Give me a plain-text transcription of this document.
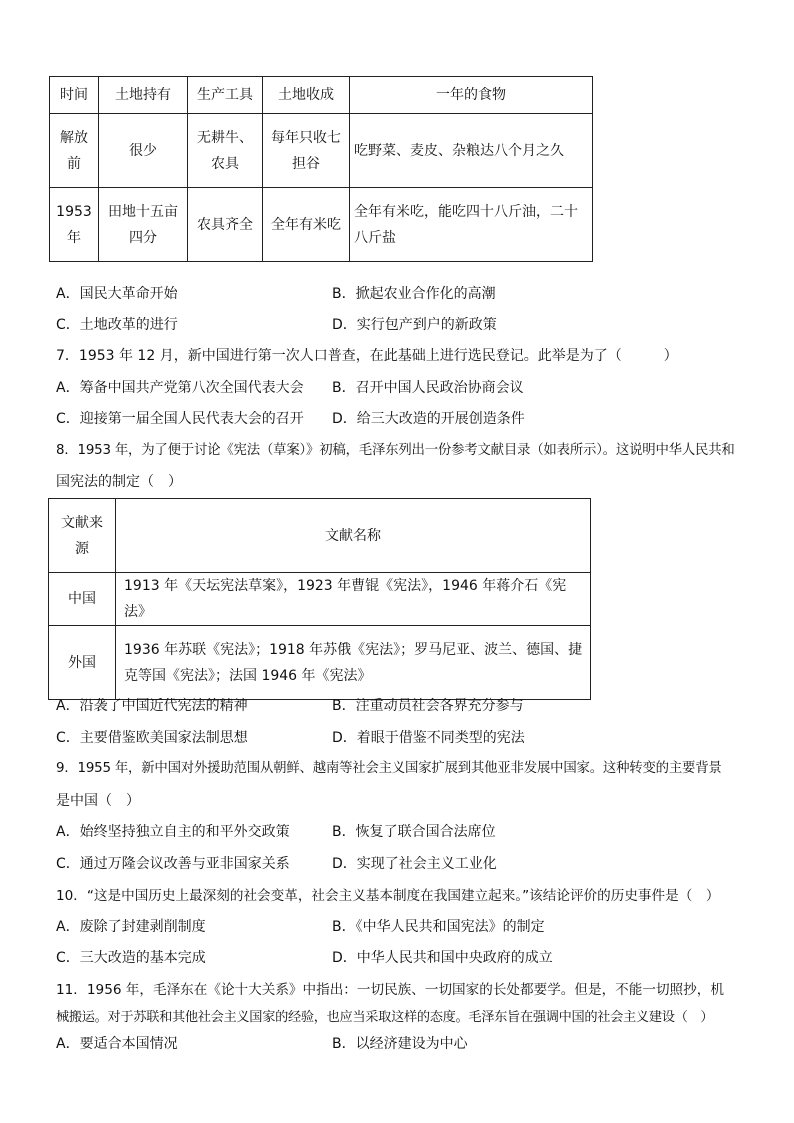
时间	土地持有	生产工具	土地收成	一年的食物
解放前	很少	无耕牛、农具	每年只收七担谷	吃野菜、麦皮、杂粮达八个月之久
1953年	田地十五亩四分	农具齐全	全年有米吃	全年有米吃，能吃四十八斤油，二十八斤盐
A．国民大革命开始	B．掀起农业合作化的高潮
C．土地改革的进行	D．实行包产到户的新政策
7．1953 年 12 月，新中国进行第一次人口普查，在此基础上进行选民登记。此举是为了（　　　）
A．筹备中国共产党第八次全国代表大会 B．召开中国人民政治协商会议
C．迎接第一届全国人民代表大会的召开 D．给三大改造的开展创造条件
8．1953 年，为了便于讨论《宪法（草案）》初稿，毛泽东列出一份参考文献目录（如表所示）。这说明中华人民共和
国宪法的制定（　）
文献来源	文献名称
中国	1913 年《天坛宪法草案》，1923 年曹锟《宪法》，1946 年蒋介石《宪法》
外国	1936 年苏联《宪法》；1918 年苏俄《宪法》；罗马尼亚、波兰、德国、捷克等国《宪法》；法国 1946 年《宪法》
A．沿袭了中国近代宪法的精神	B．注重动员社会各界充分参与
C．主要借鉴欧美国家法制思想	D．着眼于借鉴不同类型的宪法
9．1955 年，新中国对外援助范围从朝鲜、越南等社会主义国家扩展到其他亚非发展中国家。这种转变的主要背景
是中国（　）
A．始终坚持独立自主的和平外交政策	B．恢复了联合国合法席位
C．通过万隆会议改善与亚非国家关系	D．实现了社会主义工业化
10．“这是中国历史上最深刻的社会变革，社会主义基本制度在我国建立起来。”该结论评价的历史事件是（　）
A．废除了封建剥削制度	B．《中华人民共和国宪法》的制定
C．三大改造的基本完成	D．中华人民共和国中央政府的成立
11．1956 年，毛泽东在《论十大关系》中指出：一切民族、一切国家的长处都要学。但是，不能一切照抄，机
械搬运。对于苏联和其他社会主义国家的经验，也应当采取这样的态度。毛泽东旨在强调中国的社会主义建设（　）
A．要适合本国情况	B．以经济建设为中心
